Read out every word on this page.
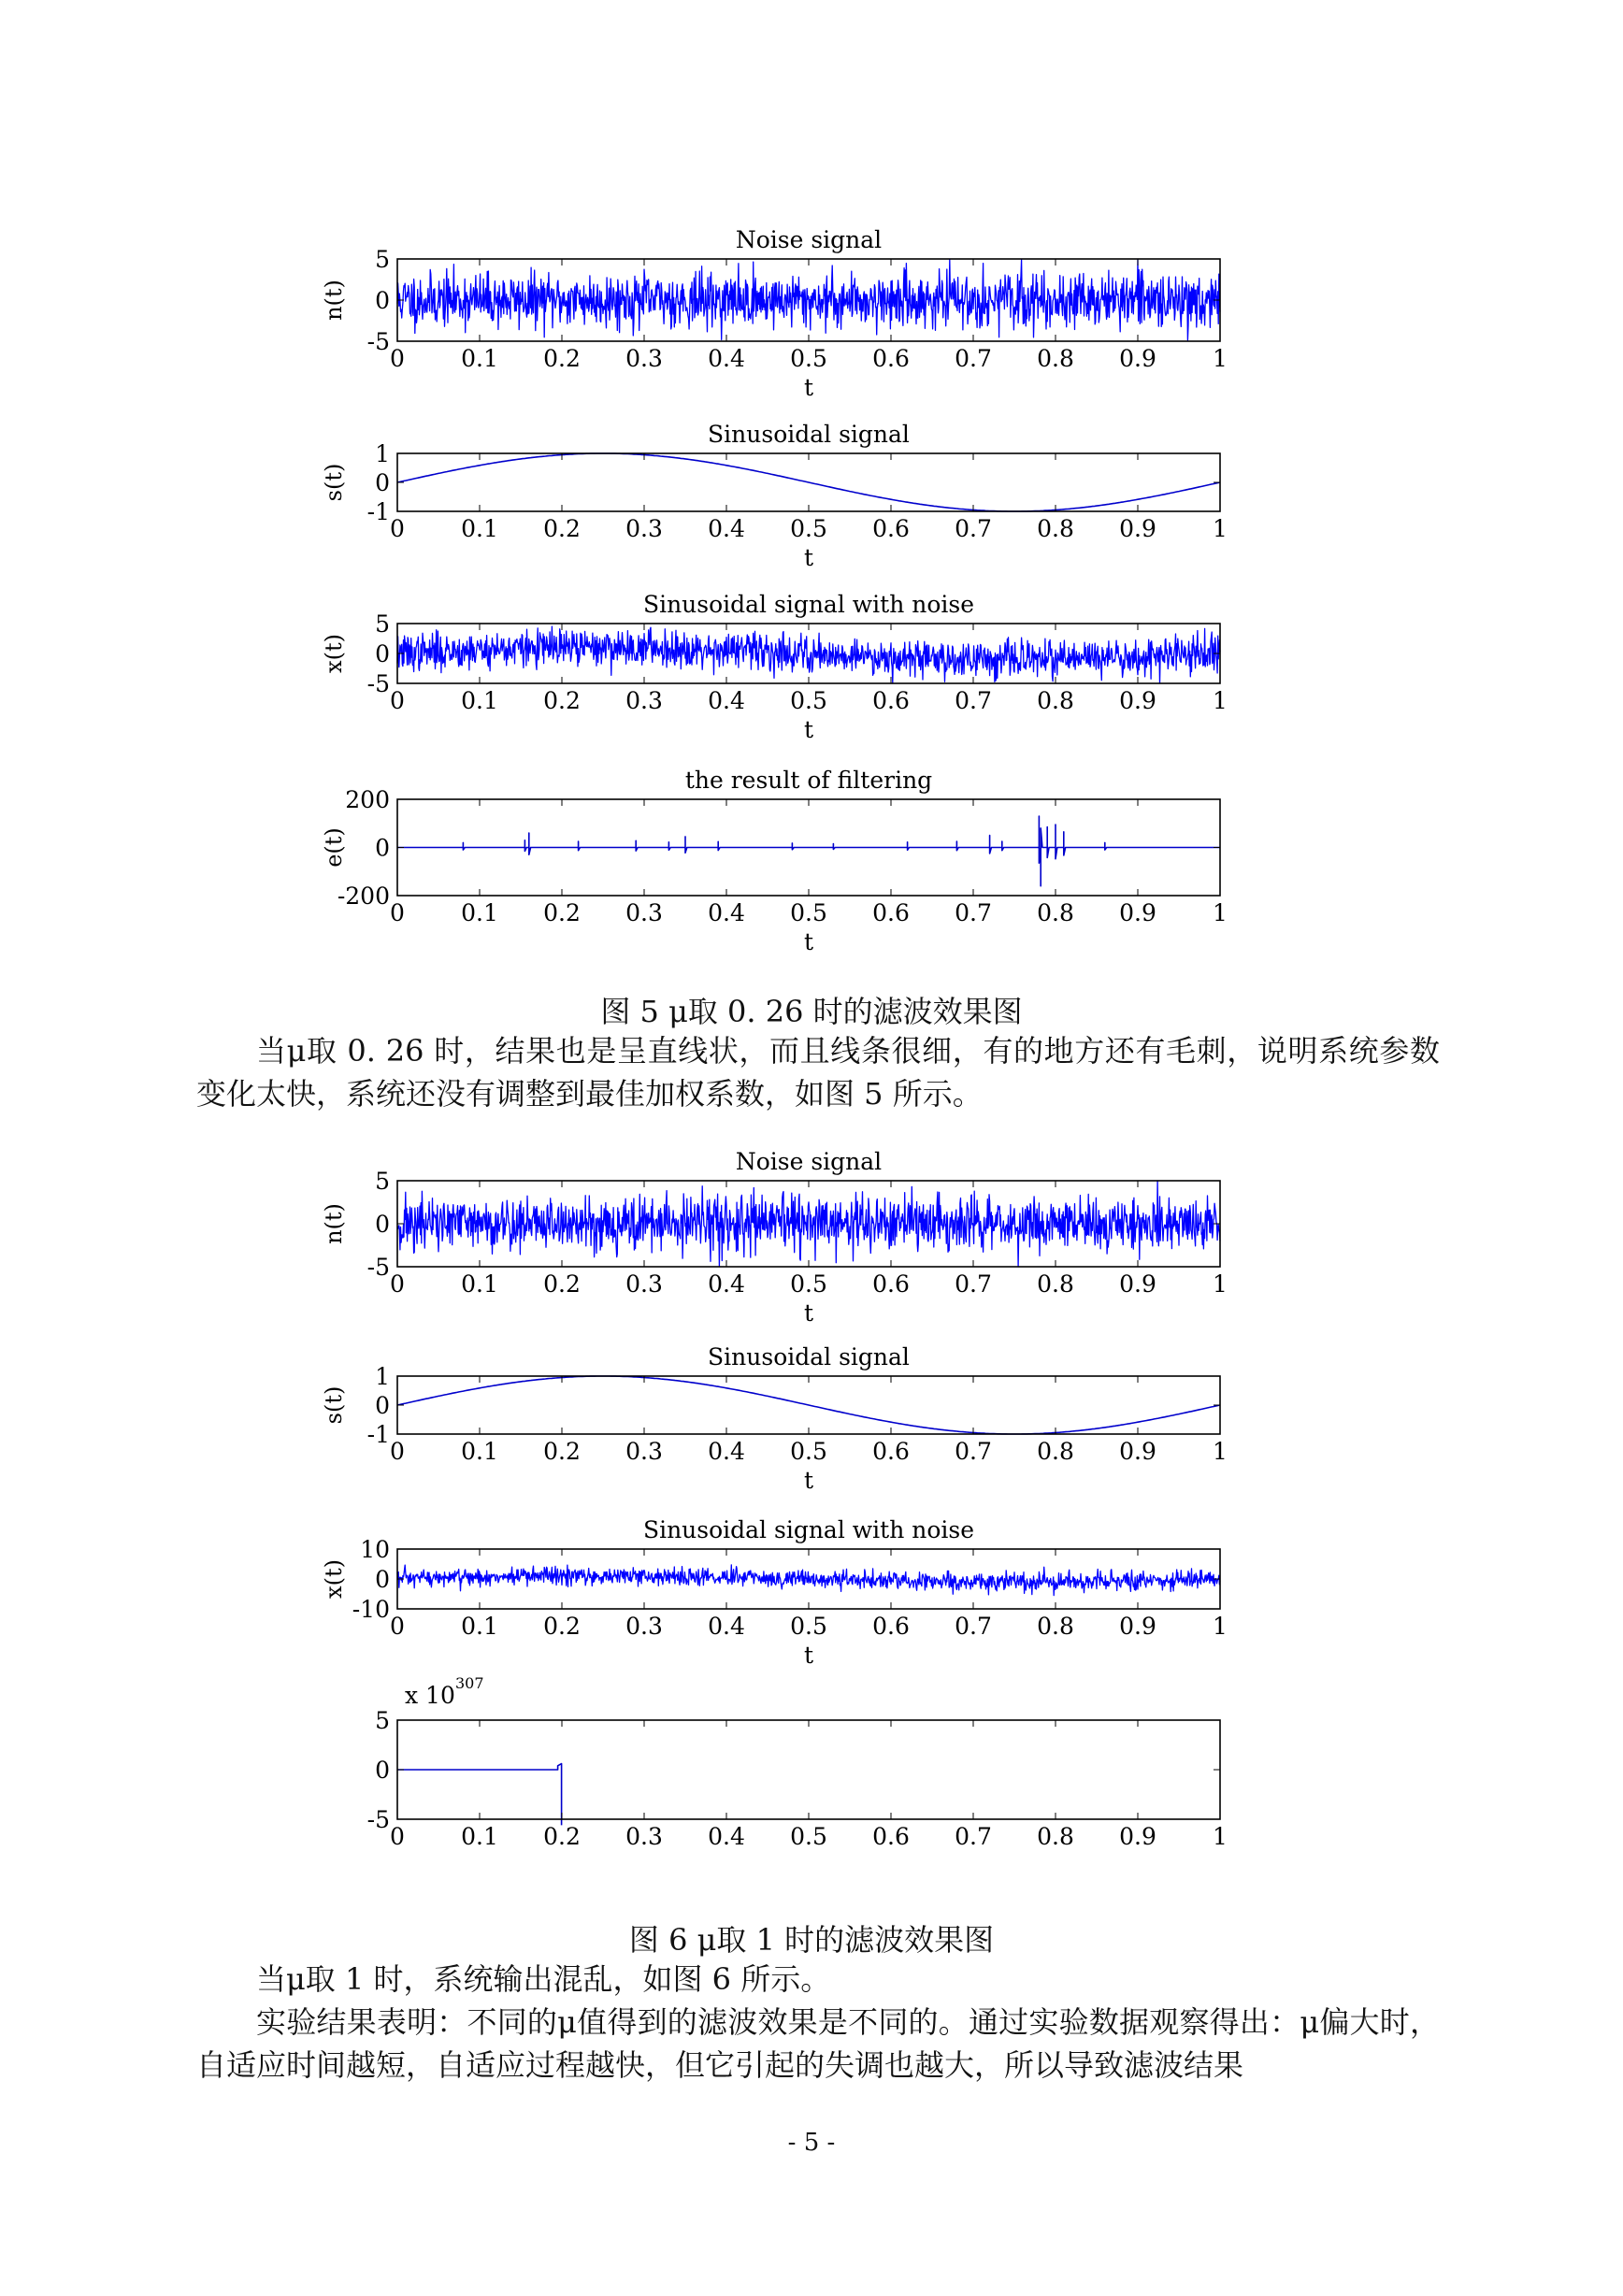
0 0.1 0.2 0.3 0.4 0.5 0.6 0.7 0.8 0.9 1
5
0
-5
Noise signal
t
n(t)
0 0.1 0.2 0.3 0.4 0.5 0.6 0.7 0.8 0.9 1
1
0
-1
Sinusoidal signal
t
s(t)
0 0.1 0.2 0.3 0.4 0.5 0.6 0.7 0.8 0.9 1
5
0
-5
Sinusoidal signal with noise
t
x(t)
0 0.1 0.2 0.3 0.4 0.5 0.6 0.7 0.8 0.9 1
200
0
-200
the result of filtering
t
e(t)
图 5 μ取 0. 26 时的滤波效果图

当μ取 0. 26 时，结果也是呈直线状，而且线条很细，有的地方还有毛刺，说明系统参数变化太快，系统还没有调整到最佳加权系数，如图 5 所示。

0 0.1 0.2 0.3 0.4 0.5 0.6 0.7 0.8 0.9 1
5
0
-5
Noise signal
t
n(t)
0 0.1 0.2 0.3 0.4 0.5 0.6 0.7 0.8 0.9 1
1
0
-1
Sinusoidal signal
t
s(t)
0 0.1 0.2 0.3 0.4 0.5 0.6 0.7 0.8 0.9 1
10
0
-10
Sinusoidal signal with noise
t
x(t)
0 0.1 0.2 0.3 0.4 0.5 0.6 0.7 0.8 0.9 1
5
0
-5
x 10 307
图 6 μ取 1 时的滤波效果图

当μ取 1 时，系统输出混乱，如图 6 所示。

实验结果表明：不同的μ值得到的滤波效果是不同的。通过实验数据观察得出：μ偏大时，自适应时间越短，自适应过程越快，但它引起的失调也越大，所以导致滤波结果

- 5 -
